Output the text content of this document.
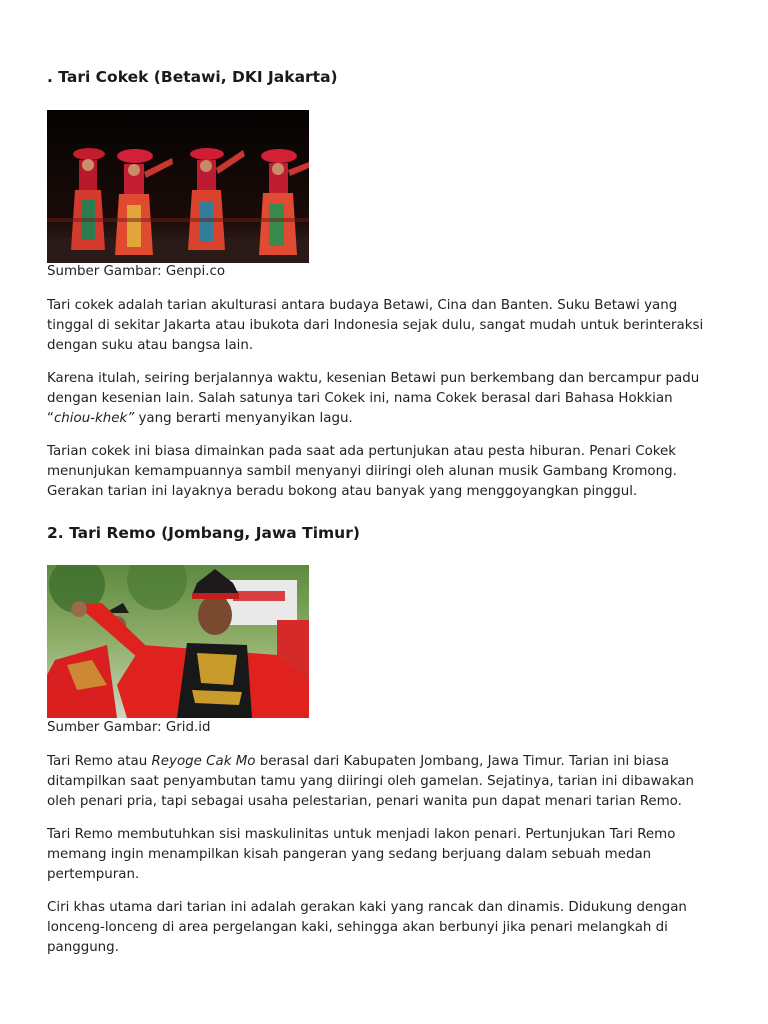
. Tari Cokek (Betawi, DKI Jakarta)
Sumber Gambar: Genpi.co

Tari cokek adalah tarian akulturasi antara budaya Betawi, Cina dan Banten. Suku Betawi yang
tinggal di sekitar Jakarta atau ibukota dari Indonesia sejak dulu, sangat mudah untuk berinteraksi
dengan suku atau bangsa lain.

Karena itulah, seiring berjalannya waktu, kesenian Betawi pun berkembang dan bercampur padu
dengan kesenian lain. Salah satunya tari Cokek ini, nama Cokek berasal dari Bahasa Hokkian
“chiou-khek” yang berarti menyanyikan lagu.

Tarian cokek ini biasa dimainkan pada saat ada pertunjukan atau pesta hiburan. Penari Cokek
menunjukan kemampuannya sambil menyanyi diiringi oleh alunan musik Gambang Kromong.
Gerakan tarian ini layaknya beradu bokong atau banyak yang menggoyangkan pinggul.

2. Tari Remo (Jombang, Jawa Timur)
Sumber Gambar: Grid.id

Tari Remo atau Reyoge Cak Mo berasal dari Kabupaten Jombang, Jawa Timur. Tarian ini biasa
ditampilkan saat penyambutan tamu yang diiringi oleh gamelan. Sejatinya, tarian ini dibawakan
oleh penari pria, tapi sebagai usaha pelestarian, penari wanita pun dapat menari tarian Remo.

Tari Remo membutuhkan sisi maskulinitas untuk menjadi lakon penari. Pertunjukan Tari Remo
memang ingin menampilkan kisah pangeran yang sedang berjuang dalam sebuah medan
pertempuran.

Ciri khas utama dari tarian ini adalah gerakan kaki yang rancak dan dinamis. Didukung dengan
lonceng-lonceng di area pergelangan kaki, sehingga akan berbunyi jika penari melangkah di
panggung.
